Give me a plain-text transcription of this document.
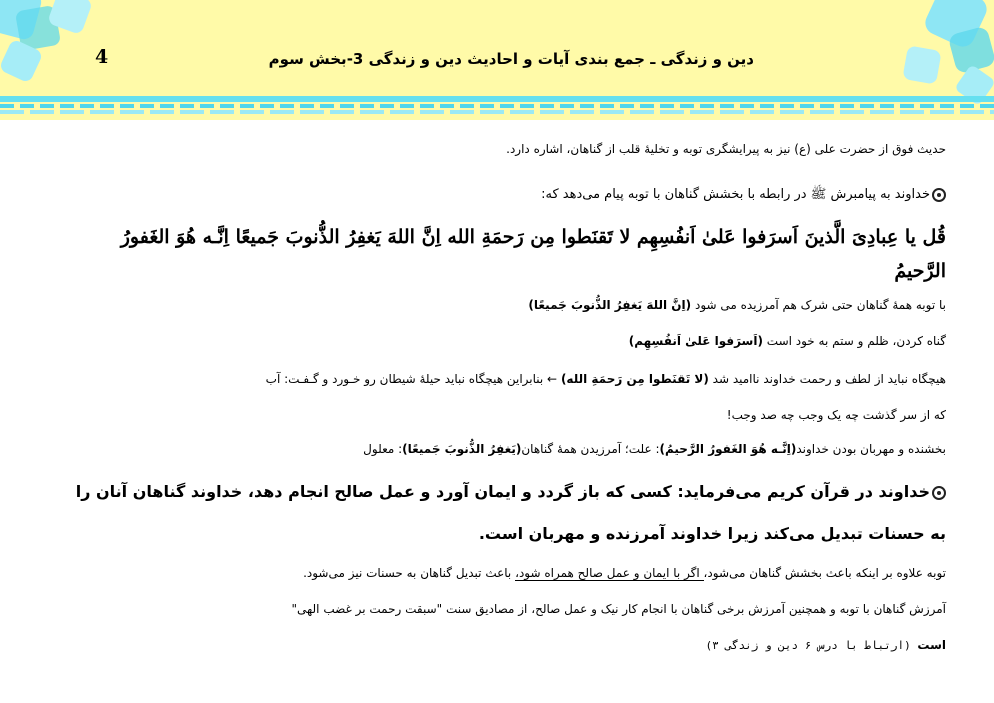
4	دین و زندگی ـ جمع بندی آیات و احادیث دین و زندگی 3-بخش سوم
حدیث فوق از حضرت علی (ع) نیز به پیرایشگری توبه و تخلیهٔ قلب از گناهان، اشاره دارد.
خداوند به پیامبرش ﷺ در رابطه با بخشش گناهان با توبه پیام می‌دهد که:
قُل یا عِبادِیَ الَّذینَ اَسرَفوا عَلیٰ اَنفُسِهِم لا تَقنَطوا مِن رَحمَةِ الله اِنَّ اللهَ یَغفِرُ الذُّنوبَ جَمیعًا اِنَّـه هُوَ الغَفورُ
الرَّحیمُ
با توبه همهٔ گناهان حتی شرک هم آمرزیده می شود (اِنَّ اللهَ یَغفِرُ الذُّنوبَ جَمیعًا)
گناه کردن، ظلم و ستم به خود است (اَسرَفوا عَلیٰ اَنفُسِهِم)
هیچگاه نباید از لطف و رحمت خداوند ناامید شد (لا تَقنَطوا مِن رَحمَةِ الله) ← بنابراین هیچگاه نباید حیلهٔ شیطان رو خـورد و گـفـت: آب
که از سر گذشت چه یک وجب چه صد وجب!
بخشنده و مهربان بودن خداوند(اِنَّـه هُوَ الغَفورُ الرَّحیمُ): علت؛ آمرزیدن همهٔ گناهان(یَغفِرُ الذُّنوبَ جَمیعًا): معلول
خداوند در قرآن کریم می‌فرماید: کسی که باز گردد و ایمان آورد و عمل صالح انجام دهد، خداوند گناهان آنان را
به حسنات تبدیل می‌کند زیرا خداوند آمرزنده و مهربان است.
توبه علاوه بر اینکه باعث بخشش گناهان می‌شود، اگر با ایمان و عمل صالح همراه شود، باعث تبدیل گناهان به حسنات نیز می‌شود.
آمرزش گناهان با توبه و همچنین آمرزش برخی گناهان با انجام کار نیک و عمل صالح، از مصادیق سنت "سبقت رحمت بر غضب الهی"
است (ارتباط با درس ۶ دین و زندگی ۳)
